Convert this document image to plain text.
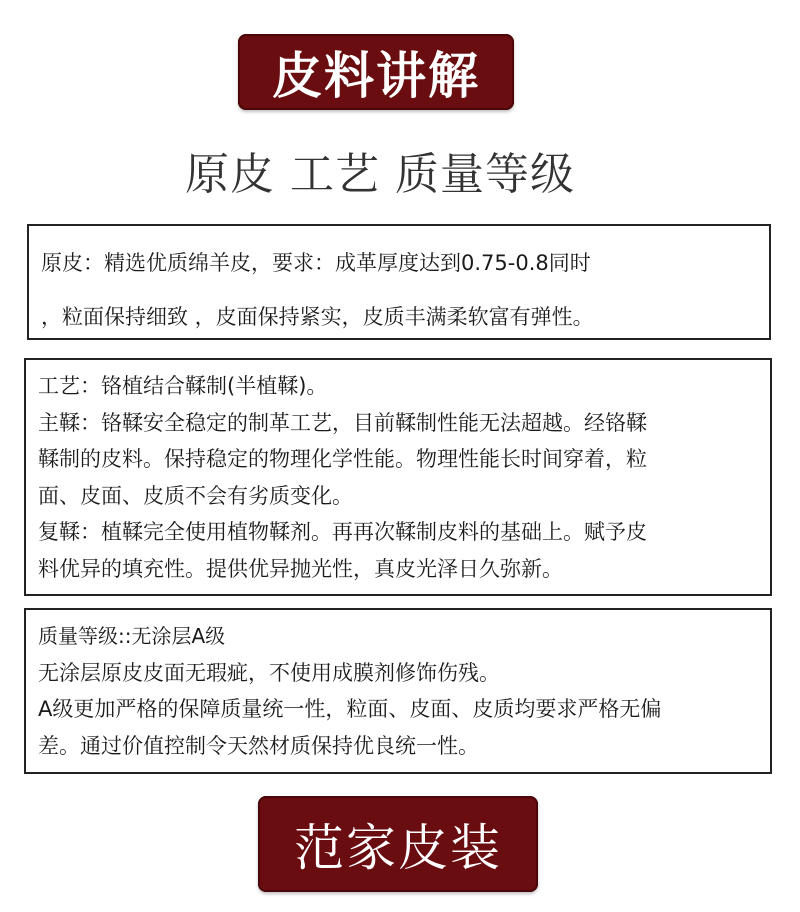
皮料讲解
原皮 工艺 质量等级
原皮：精选优质绵羊皮，要求：成革厚度达到0.75-0.8同时
，粒面保持细致 ，皮面保持紧实，皮质丰满柔软富有弹性。
工艺：铬植结合鞣制(半植鞣)。
主鞣：铬鞣安全稳定的制革工艺，目前鞣制性能无法超越。经铬鞣
鞣制的皮料。保持稳定的物理化学性能。物理性能长时间穿着，粒
面、皮面、皮质不会有劣质变化。
复鞣：植鞣完全使用植物鞣剂。再再次鞣制皮料的基础上。赋予皮
料优异的填充性。提供优异抛光性，真皮光泽日久弥新。
质量等级::无涂层A级
无涂层原皮皮面无瑕疵，不使用成膜剂修饰伤残。
A级更加严格的保障质量统一性，粒面、皮面、皮质均要求严格无偏
差。通过价值控制令天然材质保持优良统一性。
范家皮装
